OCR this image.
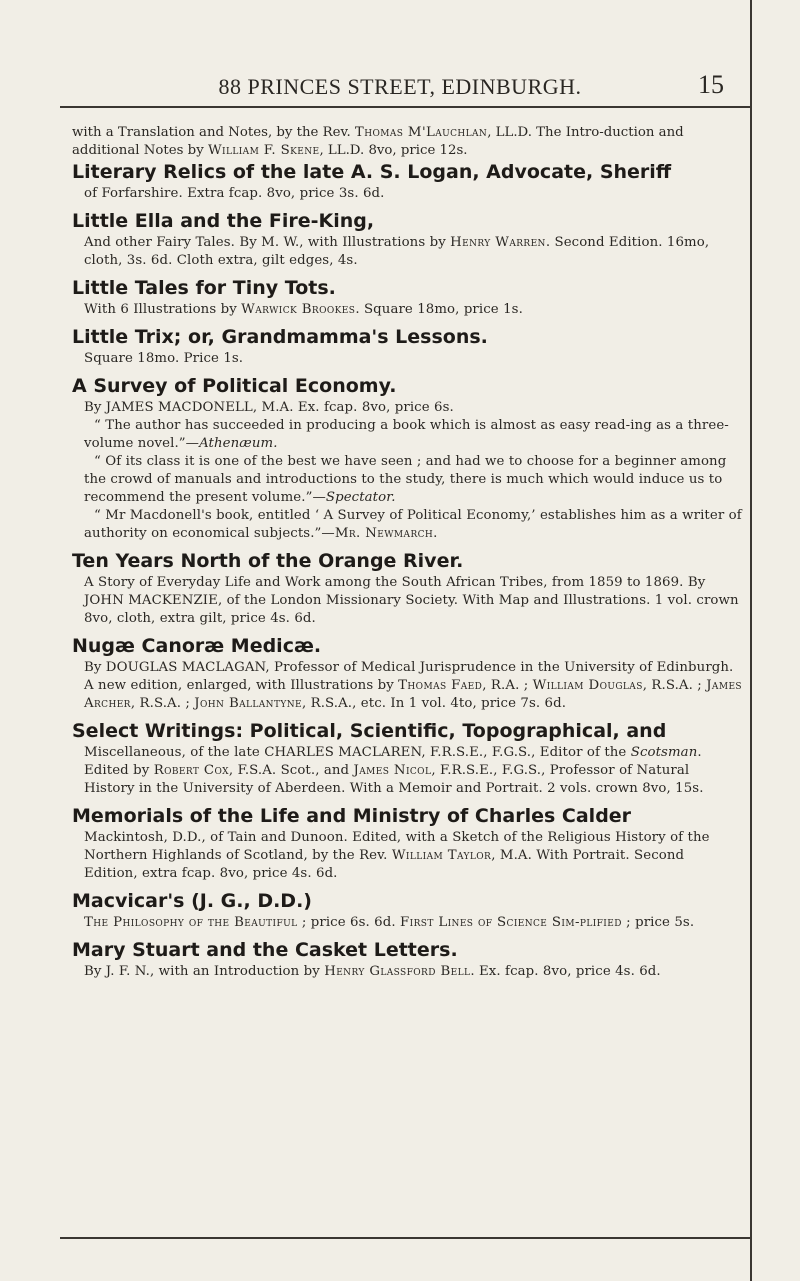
88 PRINCES STREET, EDINBURGH.	15

with a Translation and Notes, by the Rev. Thomas M'Lauchlan, LL.D. The Intro-duction and additional Notes by William F. Skene, LL.D. 8vo, price 12s.

Literary Relics of the late A. S. Logan, Advocate, Sheriff

of Forfarshire. Extra fcap. 8vo, price 3s. 6d.

Little Ella and the Fire-King,

And other Fairy Tales. By M. W., with Illustrations by Henry Warren. Second Edition. 16mo, cloth, 3s. 6d. Cloth extra, gilt edges, 4s.

Little Tales for Tiny Tots.

With 6 Illustrations by Warwick Brookes. Square 18mo, price 1s.

Little Trix; or, Grandmamma's Lessons.

Square 18mo. Price 1s.

A Survey of Political Economy.

By JAMES MACDONELL, M.A. Ex. fcap. 8vo, price 6s.

“ The author has succeeded in producing a book which is almost as easy read-ing as a three-volume novel.”—Athenæum.

“ Of its class it is one of the best we have seen ; and had we to choose for a beginner among the crowd of manuals and introductions to the study, there is much which would induce us to recommend the present volume.”—Spectator.

“ Mr Macdonell's book, entitled ‘ A Survey of Political Economy,’ establishes him as a writer of authority on economical subjects.”—Mr. Newmarch.

Ten Years North of the Orange River.

A Story of Everyday Life and Work among the South African Tribes, from 1859 to 1869. By JOHN MACKENZIE, of the London Missionary Society. With Map and Illustrations. 1 vol. crown 8vo, cloth, extra gilt, price 4s. 6d.

Nugæ Canoræ Medicæ.

By DOUGLAS MACLAGAN, Professor of Medical Jurisprudence in the University of Edinburgh. A new edition, enlarged, with Illustrations by Thomas Faed, R.A. ; William Douglas, R.S.A. ; James Archer, R.S.A. ; John Ballantyne, R.S.A., etc. In 1 vol. 4to, price 7s. 6d.

Select Writings: Political, Scientific, Topographical, and

Miscellaneous, of the late CHARLES MACLAREN, F.R.S.E., F.G.S., Editor of the Scotsman. Edited by Robert Cox, F.S.A. Scot., and James Nicol, F.R.S.E., F.G.S., Professor of Natural History in the University of Aberdeen. With a Memoir and Portrait. 2 vols. crown 8vo, 15s.

Memorials of the Life and Ministry of Charles Calder

Mackintosh, D.D., of Tain and Dunoon. Edited, with a Sketch of the Religious History of the Northern Highlands of Scotland, by the Rev. William Taylor, M.A. With Portrait. Second Edition, extra fcap. 8vo, price 4s. 6d.

Macvicar's (J. G., D.D.)

The Philosophy of the Beautiful ; price 6s. 6d. First Lines of Science Sim-plified ; price 5s.

Mary Stuart and the Casket Letters.

By J. F. N., with an Introduction by Henry Glassford Bell. Ex. fcap. 8vo, price 4s. 6d.
